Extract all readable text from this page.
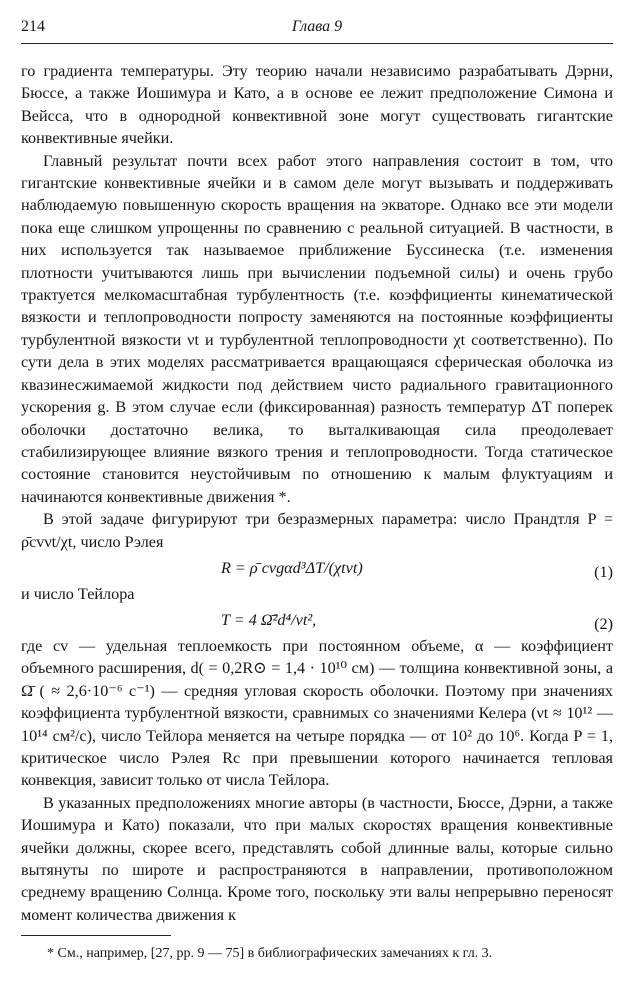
214	Глава 9

го градиента температуры. Эту теорию начали независимо разрабатывать Дэрни, Бюссе, а также Иошимура и Като, а в основе ее лежит предположение Симона и Вейсса, что в однородной конвективной зоне могут существовать гигантские конвективные ячейки.

Главный результат почти всех работ этого направления состоит в том, что гигантские конвективные ячейки и в самом деле могут вызывать и поддерживать наблюдаемую повышенную скорость вращения на экваторе. Однако все эти модели пока еще слишком упрощенны по сравнению с реальной ситуацией. В частности, в них используется так называемое приближение Буссинеска (т.е. изменения плотности учитываются лишь при вычислении подъемной силы) и очень грубо трактуется мелкомасштабная турбулентность (т.е. коэффициенты кинематической вязкости и теплопроводности попросту заменяются на постоянные коэффициенты турбулентной вязкости νt и турбулентной теплопроводности χt соответственно). По сути дела в этих моделях рассматривается вращающаяся сферическая оболочка из квазинесжимаемой жидкости под действием чисто радиального гравитационного ускорения g. В этом случае если (фиксированная) разность температур ΔT поперек оболочки достаточно велика, то выталкивающая сила преодолевает стабилизирующее влияние вязкого трения и теплопроводности. Тогда статическое состояние становится неустойчивым по отношению к малым флуктуациям и начинаются конвективные движения *.

В этой задаче фигурируют три безразмерных параметра: число Прандтля P = ρ̄cvνt/χt, число Рэлея

R = ρ̄ cvgαd³ΔT/(χtνt)	(1)
и число Тейлора
T = 4 Ω̄²d⁴/νt²,	(2)

где cv — удельная теплоемкость при постоянном объеме, α — коэффициент объемного расширения, d( = 0,2R⊙ = 1,4 · 10¹⁰ см) — толщина конвективной зоны, а Ω̄ ( ≈ 2,6·10⁻⁶ с⁻¹) — средняя угловая скорость оболочки. Поэтому при значениях коэффициента турбулентной вязкости, сравнимых со значениями Келера (νt ≈ 10¹² — 10¹⁴ см²/с), число Тейлора меняется на четыре порядка — от 10² до 10⁶. Когда P = 1, критическое число Рэлея Rc при превышении которого начинается тепловая конвекция, зависит только от числа Тейлора.

В указанных предположениях многие авторы (в частности, Бюссе, Дэрни, а также Иошимура и Като) показали, что при малых скоростях вращения конвективные ячейки должны, скорее всего, представлять собой длинные валы, которые сильно вытянуты по широте и распространяются в направлении, противоположном среднему вращению Солнца. Кроме того, поскольку эти валы непрерывно переносят момент количества движения к

* См., например, [27, pp. 9 — 75] в библиографических замечаниях к гл. 3.
